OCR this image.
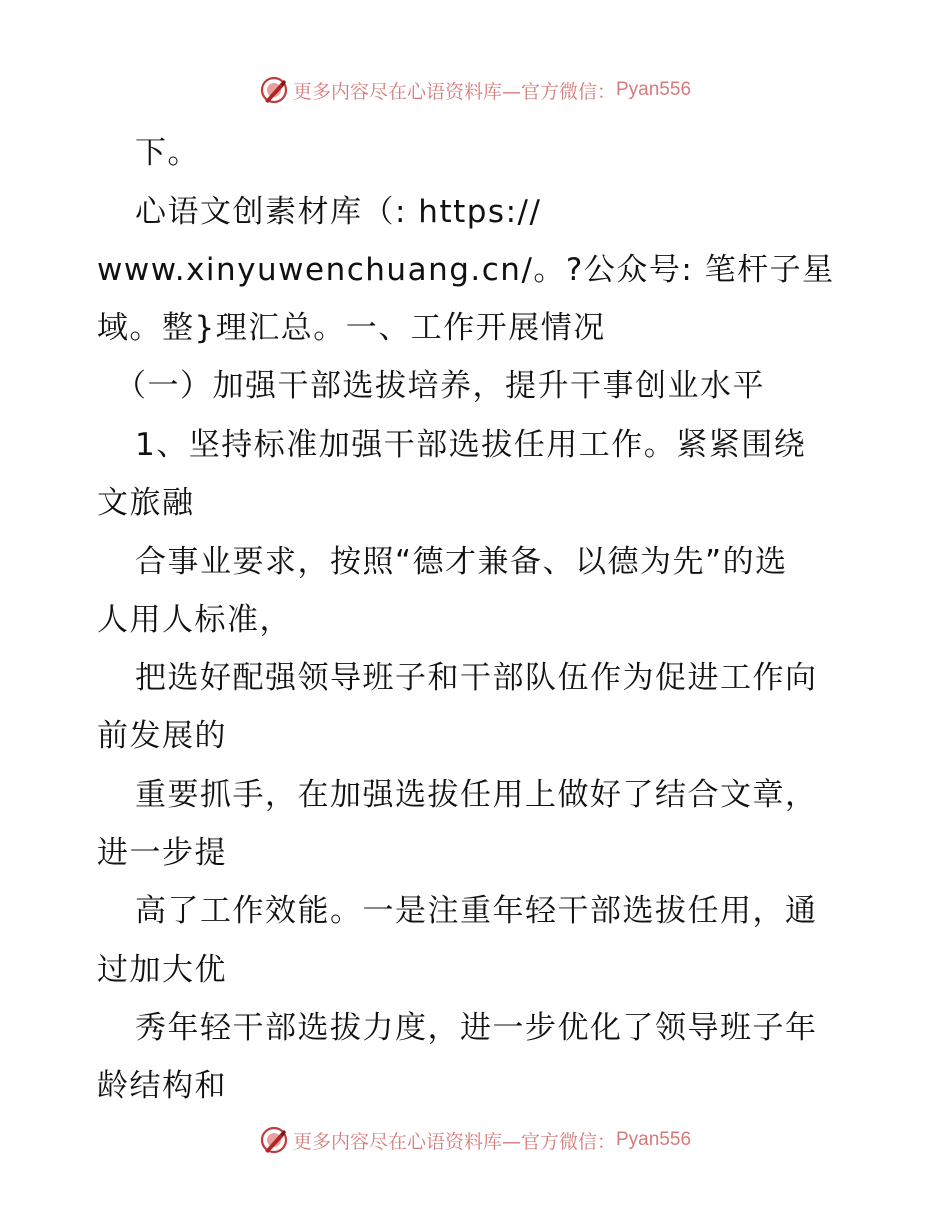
更多内容尽在心语资料库—官方微信： Pyan556
下。
心语文创素材库（: https://
www.xinyuwenchuang.cn/。?公众号: 笔杆子星
域。整}理汇总。一、工作开展情况
（一）加强干部选拔培养，提升干事创业水平
1、坚持标准加强干部选拔任用工作。紧紧围绕
文旅融
合事业要求，按照“德才兼备、以德为先”的选
人用人标准，
把选好配强领导班子和干部队伍作为促进工作向
前发展的
重要抓手，在加强选拔任用上做好了结合文章，
进一步提
高了工作效能。一是注重年轻干部选拔任用，通
过加大优
秀年轻干部选拔力度，进一步优化了领导班子年
龄结构和
更多内容尽在心语资料库—官方微信： Pyan556
